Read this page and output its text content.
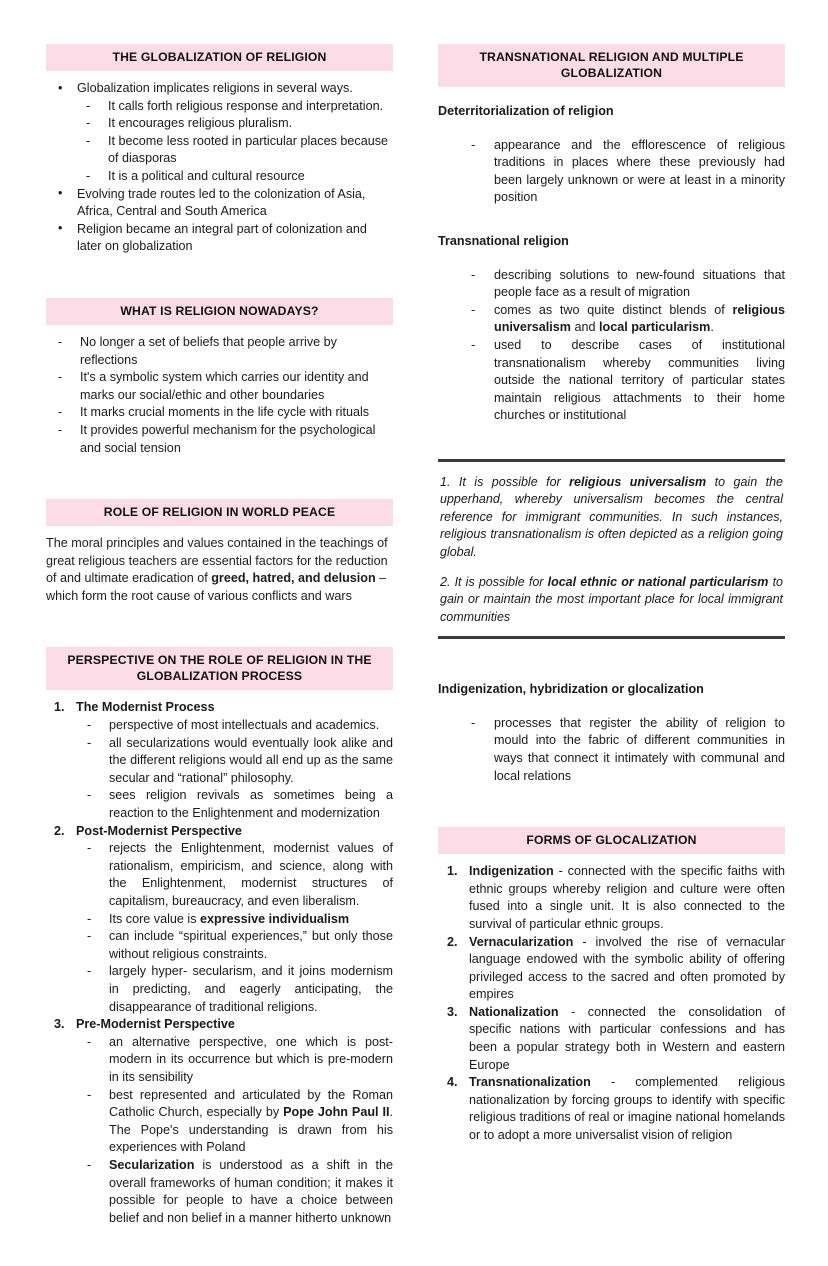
THE GLOBALIZATION OF RELIGION
• Globalization implicates religions in several ways.
- It calls forth religious response and interpretation.
- It encourages religious pluralism.
- It become less rooted in particular places because of diasporas
- It is a political and cultural resource
• Evolving trade routes led to the colonization of Asia, Africa, Central and South America
• Religion became an integral part of colonization and later on globalization
WHAT IS RELIGION NOWADAYS?
- No longer a set of beliefs that people arrive by reflections
- It's a symbolic system which carries our identity and marks our social/ethic and other boundaries
- It marks crucial moments in the life cycle with rituals
- It provides powerful mechanism for the psychological and social tension
ROLE OF RELIGION IN WORLD PEACE
The moral principles and values contained in the teachings of great religious teachers are essential factors for the reduction of and ultimate eradication of greed, hatred, and delusion – which form the root cause of various conflicts and wars
PERSPECTIVE ON THE ROLE OF RELIGION IN THE GLOBALIZATION PROCESS
The Modernist Process
- perspective of most intellectuals and academics.
- all secularizations would eventually look alike and the different religions would all end up as the same secular and “rational” philosophy.
- sees religion revivals as sometimes being a reaction to the Enlightenment and modernization
Post-Modernist Perspective
- rejects the Enlightenment, modernist values of rationalism, empiricism, and science, along with the Enlightenment, modernist structures of capitalism, bureaucracy, and even liberalism.
- Its core value is expressive individualism
- can include “spiritual experiences,” but only those without religious constraints.
- largely hyper- secularism, and it joins modernism in predicting, and eagerly anticipating, the disappearance of traditional religions.
Pre-Modernist Perspective
- an alternative perspective, one which is post-modern in its occurrence but which is pre-modern in its sensibility
- best represented and articulated by the Roman Catholic Church, especially by Pope John Paul II. The Pope's understanding is drawn from his experiences with Poland
- Secularization is understood as a shift in the overall frameworks of human condition; it makes it possible for people to have a choice between belief and non belief in a manner hitherto unknown
TRANSNATIONAL RELIGION AND MULTIPLE GLOBALIZATION
Deterritorialization of religion
- appearance and the efflorescence of religious traditions in places where these previously had been largely unknown or were at least in a minority position
Transnational religion
- describing solutions to new-found situations that people face as a result of migration
- comes as two quite distinct blends of religious universalism and local particularism.
- used to describe cases of institutional transnationalism whereby communities living outside the national territory of particular states maintain religious attachments to their home churches or institutional

1. It is possible for religious universalism to gain the upperhand, whereby universalism becomes the central reference for immigrant communities. In such instances, religious transnationalism is often depicted as a religion going global.

2. It is possible for local ethnic or national particularism to gain or maintain the most important place for local immigrant communities

Indigenization, hybridization or glocalization
- processes that register the ability of religion to mould into the fabric of different communities in ways that connect it intimately with communal and local relations
FORMS OF GLOCALIZATION
Indigenization - connected with the specific faiths with ethnic groups whereby religion and culture were often fused into a single unit. It is also connected to the survival of particular ethnic groups.
Vernacularization - involved the rise of vernacular language endowed with the symbolic ability of offering privileged access to the sacred and often promoted by empires
Nationalization - connected the consolidation of specific nations with particular confessions and has been a popular strategy both in Western and eastern Europe
Transnationalization - complemented religious nationalization by forcing groups to identify with specific religious traditions of real or imagine national homelands or to adopt a more universalist vision of religion
